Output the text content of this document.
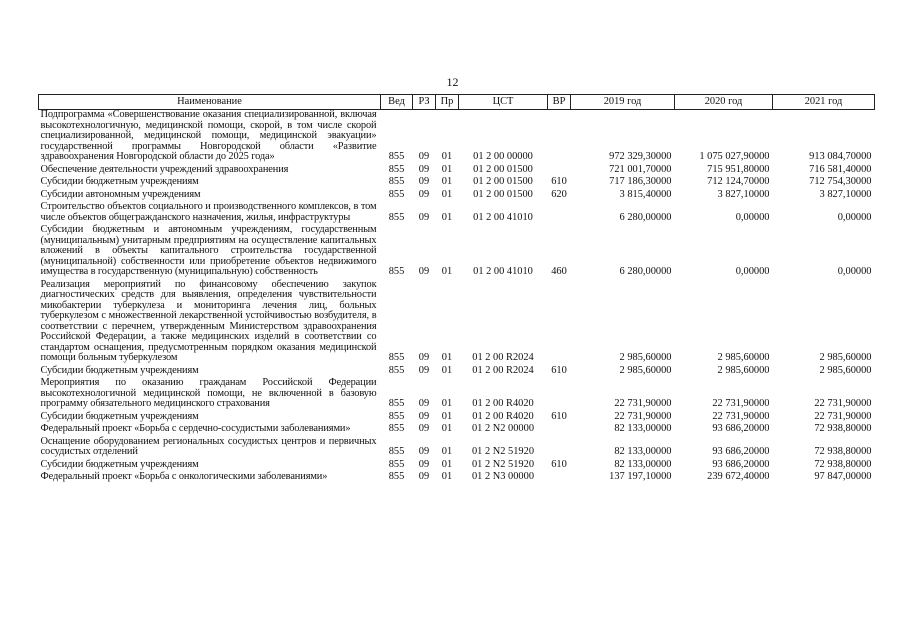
12
Наименование	Вед	РЗ	Пр	ЦСТ	ВР	2019 год	2020 год	2021 год
Подпрограмма «Совершенствование оказания специализированной, включая высокотехнологичную, медицинской помощи, скорой, в том числе скорой специализированной, медицинской помощи, медицинской эвакуации» государственной программы Новгородской области «Развитие здравоохранения Новгородской области до 2025 года»	855	09	01	01 2 00 00000		972 329,30000	1 075 027,90000	913 084,70000
Обеспечение деятельности учреждений здравоохранения	855	09	01	01 2 00 01500		721 001,70000	715 951,80000	716 581,40000
Субсидии бюджетным учреждениям	855	09	01	01 2 00 01500	610	717 186,30000	712 124,70000	712 754,30000
Субсидии автономным учреждениям	855	09	01	01 2 00 01500	620	3 815,40000	3 827,10000	3 827,10000
Строительство объектов социального и производственного комплексов, в том числе объектов общегражданского назначения, жилья, инфраструктуры	855	09	01	01 2 00 41010		6 280,00000	0,00000	0,00000
Субсидии бюджетным и автономным учреждениям, государственным (муниципальным) унитарным предприятиям на осуществление капитальных вложений в объекты капитального строительства государственной (муниципальной) собственности или приобретение объектов недвижимого имущества в государственную (муниципальную) собственность	855	09	01	01 2 00 41010	460	6 280,00000	0,00000	0,00000
Реализация мероприятий по финансовому обеспечению закупок диагностических средств для выявления, определения чувствительности микобактерии туберкулеза и мониторинга лечения лиц, больных туберкулезом с множественной лекарственной устойчивостью возбудителя, в соответствии с перечнем, утвержденным Министерством здравоохранения Российской Федерации, а также медицинских изделий в соответствии со стандартом оснащения, предусмотренным порядком оказания медицинской помощи больным туберкулезом	855	09	01	01 2 00 R2024		2 985,60000	2 985,60000	2 985,60000
Субсидии бюджетным учреждениям	855	09	01	01 2 00 R2024	610	2 985,60000	2 985,60000	2 985,60000
Мероприятия по оказанию гражданам Российской Федерации высокотехнологичной медицинской помощи, не включенной в базовую программу обязательного медицинского страхования	855	09	01	01 2 00 R4020		22 731,90000	22 731,90000	22 731,90000
Субсидии бюджетным учреждениям	855	09	01	01 2 00 R4020	610	22 731,90000	22 731,90000	22 731,90000
Федеральный проект «Борьба с сердечно-сосудистыми заболеваниями»	855	09	01	01 2 N2 00000		82 133,00000	93 686,20000	72 938,80000
Оснащение оборудованием региональных сосудистых центров и первичных сосудистых отделений	855	09	01	01 2 N2 51920		82 133,00000	93 686,20000	72 938,80000
Субсидии бюджетным учреждениям	855	09	01	01 2 N2 51920	610	82 133,00000	93 686,20000	72 938,80000
Федеральный проект «Борьба с онкологическими заболеваниями»	855	09	01	01 2 N3 00000		137 197,10000	239 672,40000	97 847,00000
